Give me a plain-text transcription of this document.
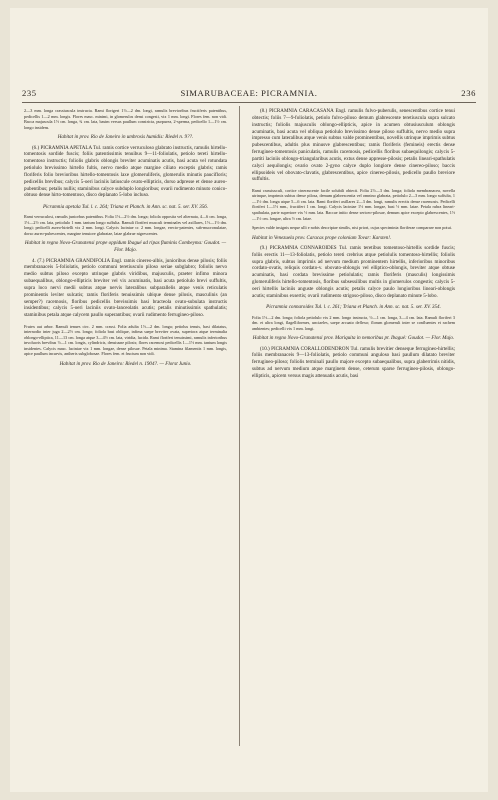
235	SIMARUBACEAE: PICRAMNIA.	236

2—3 mm. longa crassiuscula instructa. Rami florigeri 1½—2 dm. longi, ramulis brevioribus fructiferis patentibus, pedicellis 1—2 mm. longis. Flores masc. minimi, in glomerulos densi congesti, vix 1 mm. longi. Flores fem. non vidi. Bacca majuscula 1½ cm. longa, ¾ cm. lata, basim versus paullum constricta, purpurea, 2-sperma, pedicello 1—1½ cm. longo insidens.

Habitat in prov. Rio de Janeiro in umbrosis humidis: Riedel n. 9??.

(6.) PICRAMNIA APETALA Tul. ramis cortice verruculoso glabrato instructis, ramulis hirtello-tomentosis sordide fuscis; foliis patentissimis tenuibus 9—11-foliolatis, petiolo tereti hirtello-tomentoso instructis; foliolis glabris oblongis breviter acuminatis acutis, basi acuta vel rotundata petiolulo brevissimo hirtello fultis, nervo medio atque margine ciliato exceptis glabris; ramis floriferis folio brevioribus hirtello-tomentosis laxe glomeruliferis, glomerulis minutis paucifloris; pedicellis brevibus; calycis 5-oeri laciniis latiuscule ovato-ellipticis, dorso adpresse et dense aureo-pubentibus; petalis nullis; staminibus calyce subduplo longioribus; ovarii rudimento minuto conico-obtuso dense hirto-tomentoso, disco deplanato 5-lobo incluso.

Picramnia apetala Tul. l. c. 264; Triana et Planch. in Ann. sc. nat. 5. ser. XV. 356.

Rami verruculosi, ramulis juniorbus patentibus. Folia 1½—2½ dm. longa; foliola opposita vel alternata, 4—6 cm. longa, 1½—2½ cm. lata, petiolulo 1 mm. tantum longo suffulta. Ramuli floriferi musculi terminales vel axillares, 1½—1½ dm. longi; pedicelli aureo-hirtelli vix 2 mm. longi. Calycis laciniae cr. 2 mm. longae, erecto-patentes, sub-mucronulatae, dorso aureo-pubescentes, margine tenuiore glabratae, latae glabrae nigrescentes.

Habitat in regno Novo-Granatensi prope oppidum Ibagué ad ripas fluminis Combeyma: Goudot. — Flor. Majo.

4. (7.) PICRAMNIA GRANDIFOLIA Engl. ramis cinereo-albis, junioribus dense pilosis; foliis membranaceis 5-foliolatis, petiolo communi teretiusculo piloso seriae subglabro; foliolis nervo medio subtus piloso excepto utrinque glabris viridibus, majusculis, praeter infimo minora subaequalibus, oblongo-ellipticis breviter vel vix acuminatis, basi acuta petiolulo brevi suffultis, supra loco nervi medii subtus atque nervis lateralibus subparallelis atque venis reticulatis prominentis leviter sulcatis; ramis floriferis tenuissimis ubique dense pilosis, masculinis (an semper?) racemosis, floribus pedicellis brevissimis basi bracteola ovato-subulata instructis insidentibus; calycis 5-oeri laciniis ovato-lanceolatis acutis; petalis minutissimis spathulatis; staminibus petala atque calycem paullo superantibus; ovarii rudimento ferrugineo-piloso.

Frutex aut arbor. Ramuli tenues circ. 2 mm. crassi. Folia adulta 1½—2 dm. longa; petiolus tenuis, basi dilatatus, internodio inter juga 2—2½ cm. longo; foliola basi oblique, infima saepe breviter ovata, superiora atque terminalia oblongo-elliptica, 11—13 cm. longa atque 3—4½ cm. lata, viridia, lucida. Rami floriferi tenuissimi, ramulis inferioribus involucris brevibus ½—1 cm. longis, cylindricis, densiusne pilosis; flores racemosi pedicellis 1—1½ mm. tantum longis insidentes. Calycis masc. laciniae vix 1 mm. longae, dense pilosae. Petala minima. Stamina filamentis 1 mm. longis, apice paullum incurvis, antheris subglobosae. Flores fem. et fructum non vidi.

Habitat in prov. Rio de Janeiro: Riedel n. 1904?. — Florst Junio.

(8.) PICRAMNIA CARACASANA Engl. ramulis fulvo-puberulis, senescentibus cortice tenui obtectis; foliis 7—9-foliolatis, petiolo fulvo-piloso demum glabrescente teretiuscula supra sulcato instructis; foliolis majusculis oblongo-ellipticis, apice in acumen obtusiusculum oblongis acuminatis, basi acuta vel obliqua petiolulo brevissimo dense piloso suffultis, nervo medio supra impresso cum lateralibus atque venis subtus valde prominentibus, novellis utrinque imprimis subtus pubescentibus, adultis plus minusve glabrescentibus; ramis floriferis (femineis) erectis dense ferrugineo-tomentosis paniculatis, ramulis racemosis, pedicellis floribus subaequilongis; calycis 5-partiti laciniis oblongo-triangularibus acutis, extus dense appresse-pilosis; petalis lineari-spathulatis calyci aequilongis; ovario ovato 2-gyno calyce duplo longiore dense cinereo-piloso; baccis ellipsoideis vel obovato-clavatis, glabrescentibus, apice cinereo-pilosis, pedicello paullo breviore suffultis.

Rami crassiusculi, cortice cinerascente facile solubili obtecti. Folia 2½—3 dm. longa; foliola membranacea, novella utrinque, imprimis subtus dense pilosa, demum glabrescentia vel omnino glabrata, petiolulo 2—3 mm. longo suffulta, 1—1½ dm. longa atque 5—6 cm. lata. Rami floriferi axillares 2—3 dm. longi, ramulis erectis dense racemosis. Pedicelli floriferi 1—1½ mm., fructiferi 1 cm. longi. Calycis laciniae 1½ mm. longae, basi ½ mm. latae. Petala rubra lineari-spathulata, parte superiore vix ½ mm. lata. Baccae initio dense sericeo-pilosae, demum apice excepto glabrescentes, 1½—1½ cm. longae, ultra ½ cm. latae.

Species valde insignis neque ulli e nobis descriptae similis, nisi priori, cujus speciminia floriferae comparare non potui.

Habitat in Venezuela prov. Caracas prope coloniam Tovar: Karsten!.

(9.) PICRAMNIA CONNAROIDES Tul. ramis teretibus tomentoso-hirtellis sordide fuscis; foliis erectis 11—13-foliolatis, petiolo tereti crebrius atque petiolulis tomentoso-hirtellis; foliolis supra glabris, subtus imprimis ad nervum medium prominentem hirtellis, inferioribus minoribus cordato-ovatis, reliquis cordato-v. obovato-oblongis vel elliptico-oblongis, breviter atque obtuse acuminatis, basi cordata brevissime petiolulatis; ramis floriferis (masculis) longissimis glomeruliferis hirtello-tomentosis, floribus subsessilibus multis in glomerulos congestis; calycis 5-oeri hirtellis laciniis anguste oblongis acutis; petalis calyce paulo longioribus lineari-oblongis acutis; staminibus exsertis; ovarii rudimento strigoso-piloso, disco deplanato minute 5-lobo.

Picramnia connaroides Tul. l. c. 261; Triana et Planch. in Ann. sc. nat. 5. ser. XV. 354.

Folia 1½—2 dm. longa; foliola petiolulo vix 2 mm. longo instructa, ½—1 cm. longa, 3—4 cm. lata. Ramuli floriferi 3 dm. et ultra longi, flagelliformes, unciaeles, saepe arcuato deflexo; florum glomeruli inter se confluentes et rachem ambientes; pedicelli vix 1 mm. longi.

Habitat in regno Novo-Granatensi prov. Mariquita in nemoribus pr. Ibagué: Goudot. — Flor. Majo.

(10.) PICRAMNIA CORALLODENDRON Tul. ramulis brevitier denseque ferrugineo-hirtellis; foliis membranaceis 9—13-foliolatis, petiolo communi anguloso basi paullum dilatato breviter ferrugineo-piloso; foliolis terminali paullo majore excepto subaequalibus, supra glaberrimis nitidis, subtus ad nervum medium atque marginem dense, ceterum sparse ferrugineo-pilosis, oblongo-ellipticis, apicem versus magis attenuatis acutis, basi
